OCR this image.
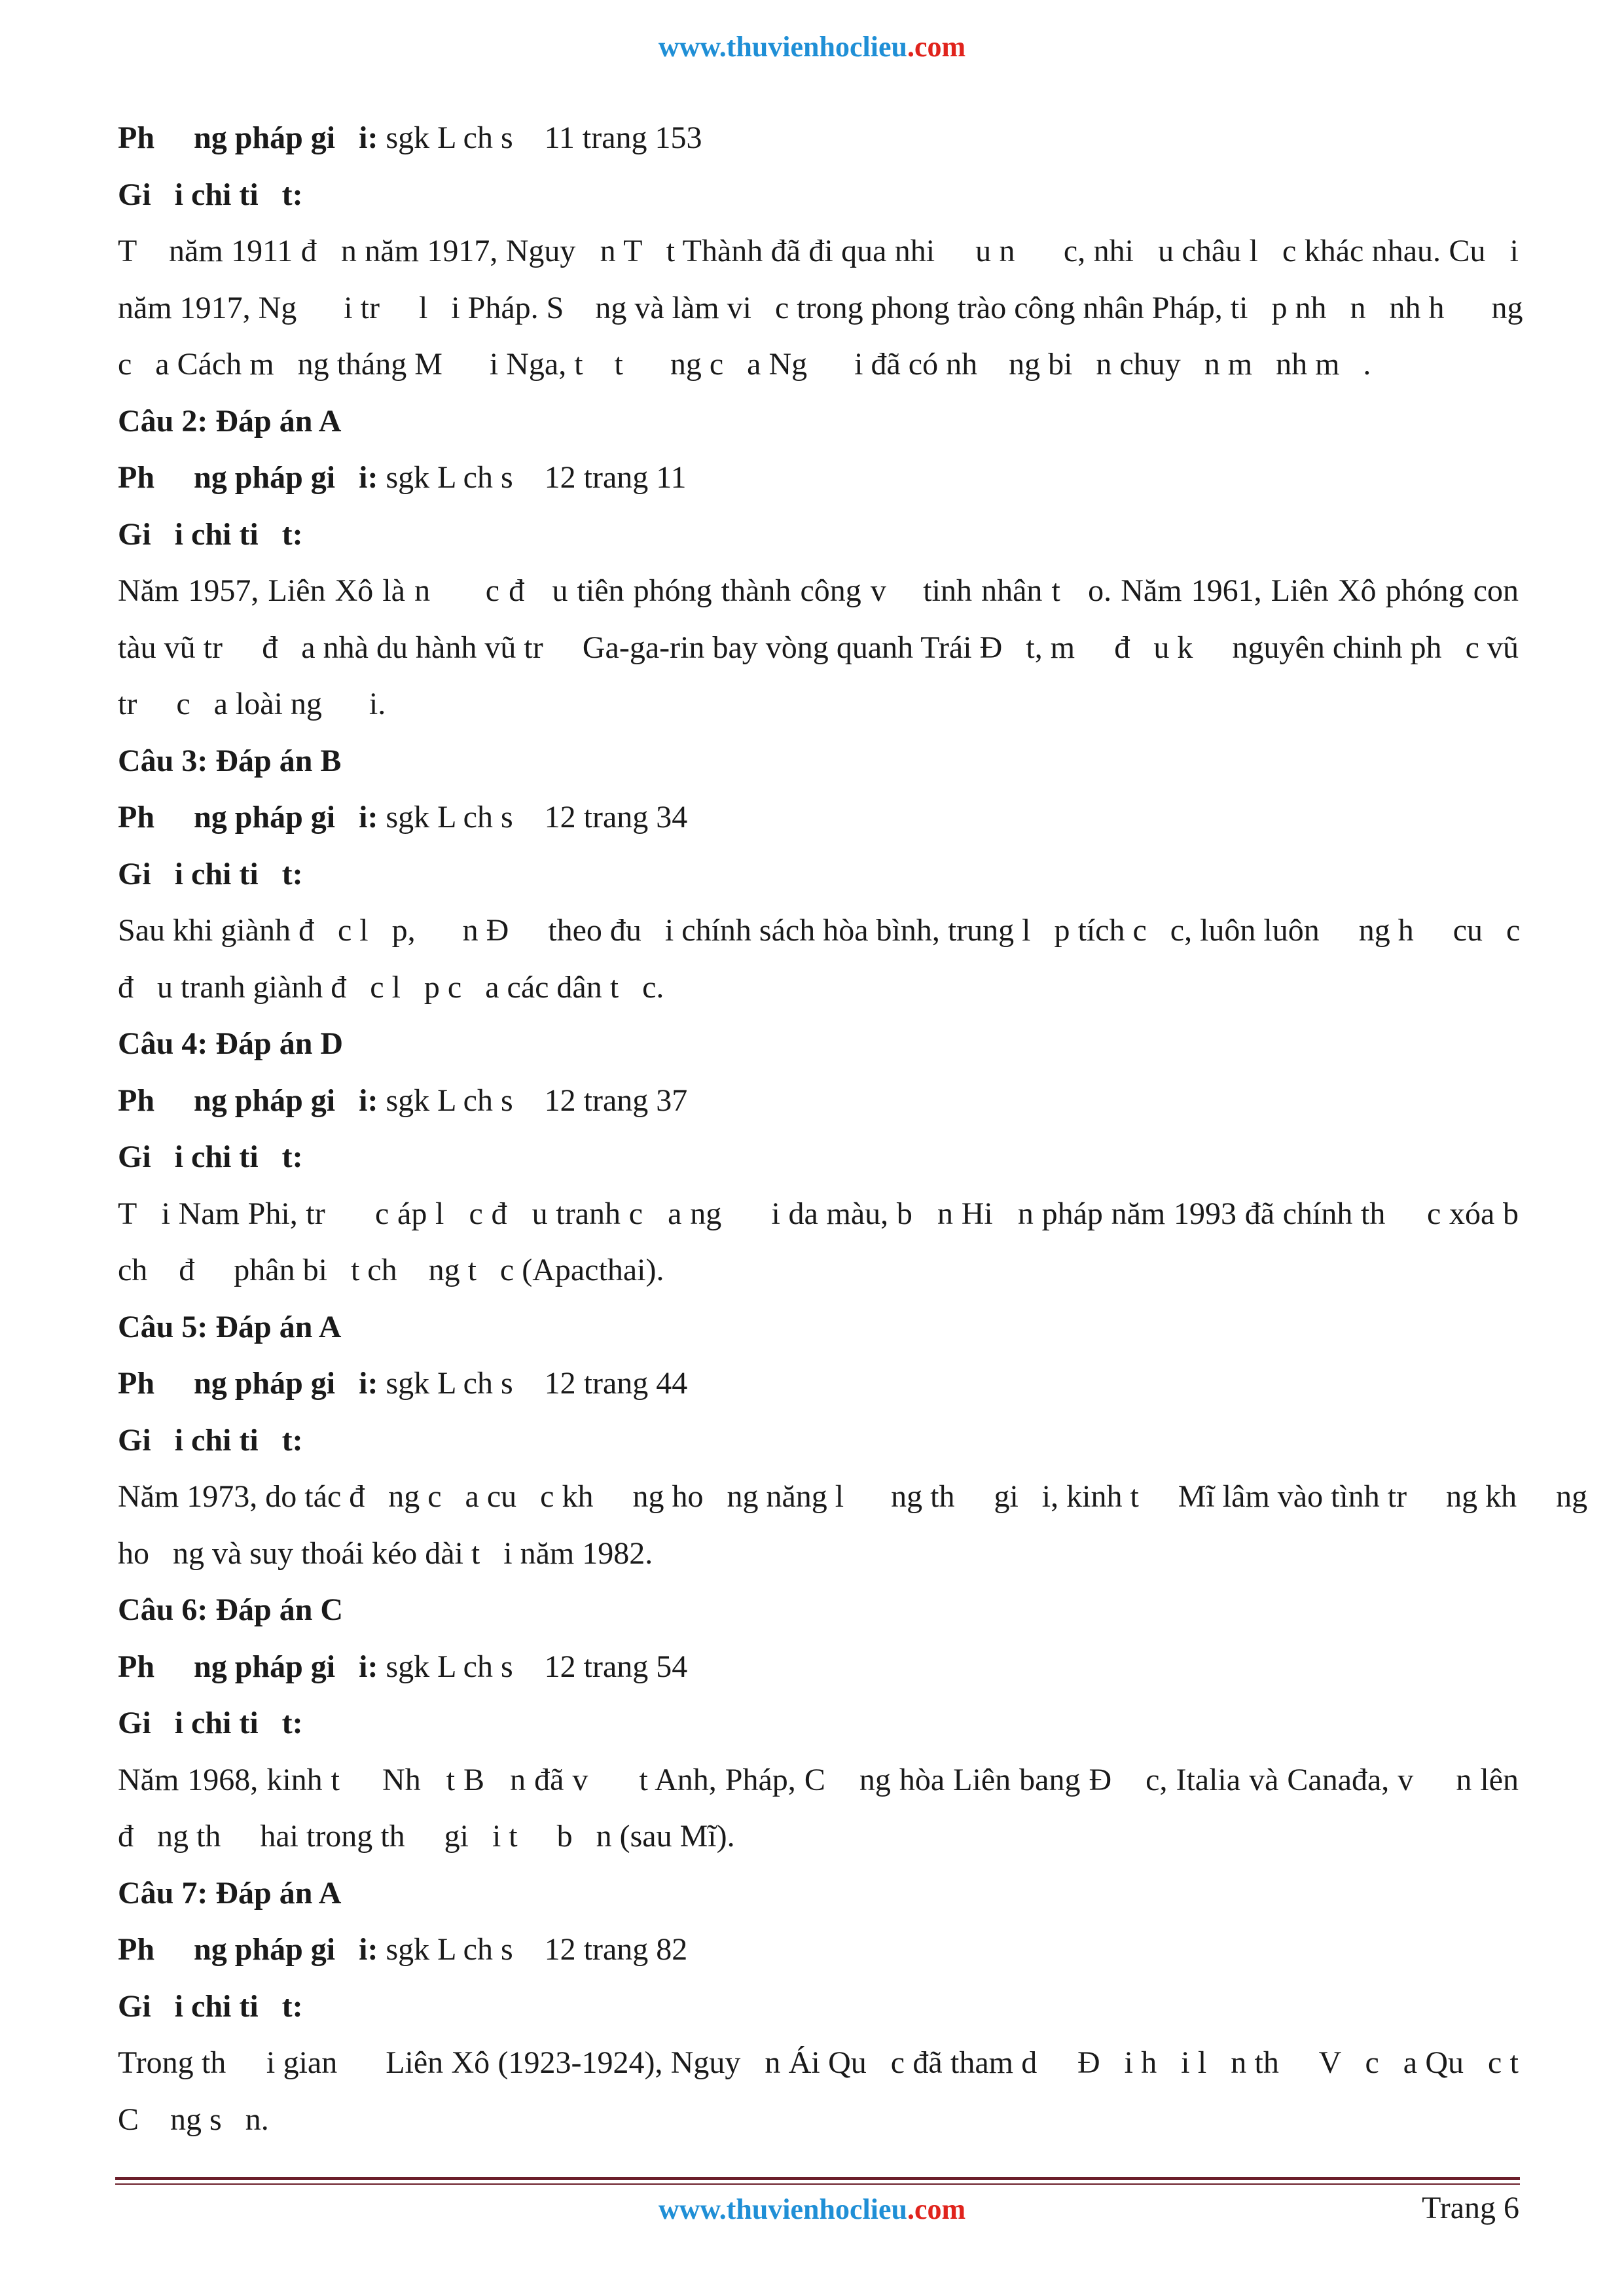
www.thuvienhoclieu.com
Ph     ng pháp gi   i: sgk L ch s    11 trang 153
Gi   i chi ti   t:
T    năm 1911 đ   n năm 1917, Nguy   n T   t Thành đã đi qua nhi     u n      c, nhi   u châu l   c khác nhau. Cu   i
năm 1917, Ng      i tr     l   i Pháp. S    ng và làm vi   c trong phong trào công nhân Pháp, ti   p nh   n   nh h      ng
c   a Cách m   ng tháng M      i Nga, t    t      ng c   a Ng      i đã có nh    ng bi   n chuy   n m   nh m   .
Câu 2: Đáp án A
Ph     ng pháp gi   i: sgk L ch s    12 trang 11
Gi   i chi ti   t:
Năm 1957, Liên Xô là n      c đ   u tiên phóng thành công v    tinh nhân t   o. Năm 1961, Liên Xô phóng con
tàu vũ tr     đ   a nhà du hành vũ tr     Ga-ga-rin bay vòng quanh Trái Đ   t, m     đ   u k     nguyên chinh ph   c vũ
tr     c   a loài ng      i.
Câu 3: Đáp án B
Ph     ng pháp gi   i: sgk L ch s    12 trang 34
Gi   i chi ti   t:
Sau khi giành đ   c l   p,      n Đ     theo đu   i chính sách hòa bình, trung l   p tích c   c, luôn luôn     ng h     cu   c
đ   u tranh giành đ   c l   p c   a các dân t   c.
Câu 4: Đáp án D
Ph     ng pháp gi   i: sgk L ch s    12 trang 37
Gi   i chi ti   t:
T   i Nam Phi, tr      c áp l   c đ   u tranh c   a ng      i da màu, b   n Hi   n pháp năm 1993 đã chính th     c xóa b
ch    đ     phân bi   t ch    ng t   c (Apacthai).
Câu 5: Đáp án A
Ph     ng pháp gi   i: sgk L ch s    12 trang 44
Gi   i chi ti   t:
Năm 1973, do tác đ   ng c   a cu   c kh     ng ho   ng năng l      ng th     gi   i, kinh t     Mĩ lâm vào tình tr     ng kh     ng
ho   ng và suy thoái kéo dài t   i năm 1982.
Câu 6: Đáp án C
Ph     ng pháp gi   i: sgk L ch s    12 trang 54
Gi   i chi ti   t:
Năm 1968, kinh t     Nh   t B   n đã v      t Anh, Pháp, C    ng hòa Liên bang Đ    c, Italia và Canađa, v     n lên
đ   ng th     hai trong th     gi   i t     b   n (sau Mĩ).
Câu 7: Đáp án A
Ph     ng pháp gi   i: sgk L ch s    12 trang 82
Gi   i chi ti   t:
Trong th     i gian      Liên Xô (1923-1924), Nguy   n Ái Qu   c đã tham d     Đ   i h   i l   n th     V   c   a Qu   c t
C    ng s   n.
www.thuvienhoclieu.com	Trang 6
